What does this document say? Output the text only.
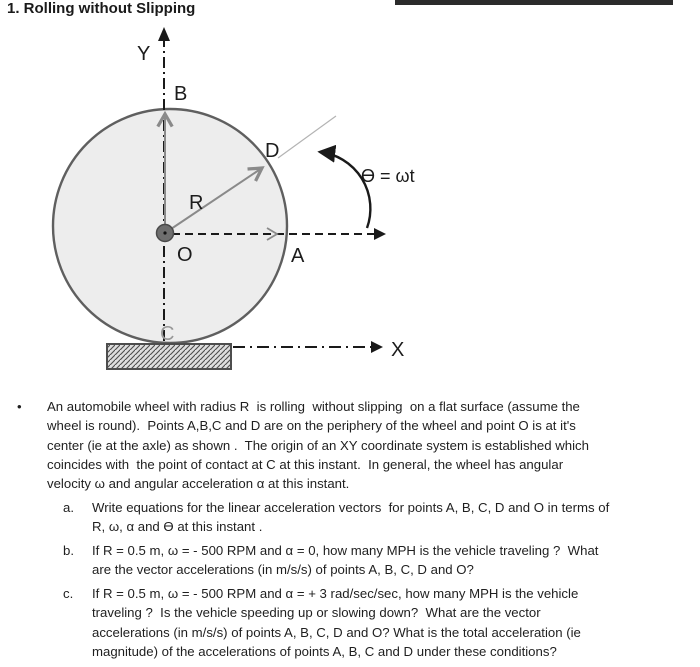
1. Rolling without Slipping
Y
B
D
R
O	A
C
X
Ө = ωt
• An automobile wheel with radius R  is rolling  without slipping  on a flat surface (assume the
wheel is round).  Points A,B,C and D are on the periphery of the wheel and point O is at it's
center (ie at the axle) as shown .  The origin of an XY coordinate system is established which
coincides with  the point of contact at C at this instant.  In general, the wheel has angular
velocity ω and angular acceleration α at this instant.
a. Write equations for the linear acceleration vectors  for points A, B, C, D and O in terms of
R, ω, α and Ө at this instant .
b. If R = 0.5 m, ω = - 500 RPM and α = 0, how many MPH is the vehicle traveling ?  What
are the vector accelerations (in m/s/s) of points A, B, C, D and O?
c. If R = 0.5 m, ω = - 500 RPM and α = + 3 rad/sec/sec, how many MPH is the vehicle
traveling ?  Is the vehicle speeding up or slowing down?  What are the vector
accelerations (in m/s/s) of points A, B, C, D and O? What is the total acceleration (ie
magnitude) of the accelerations of points A, B, C and D under these conditions?
